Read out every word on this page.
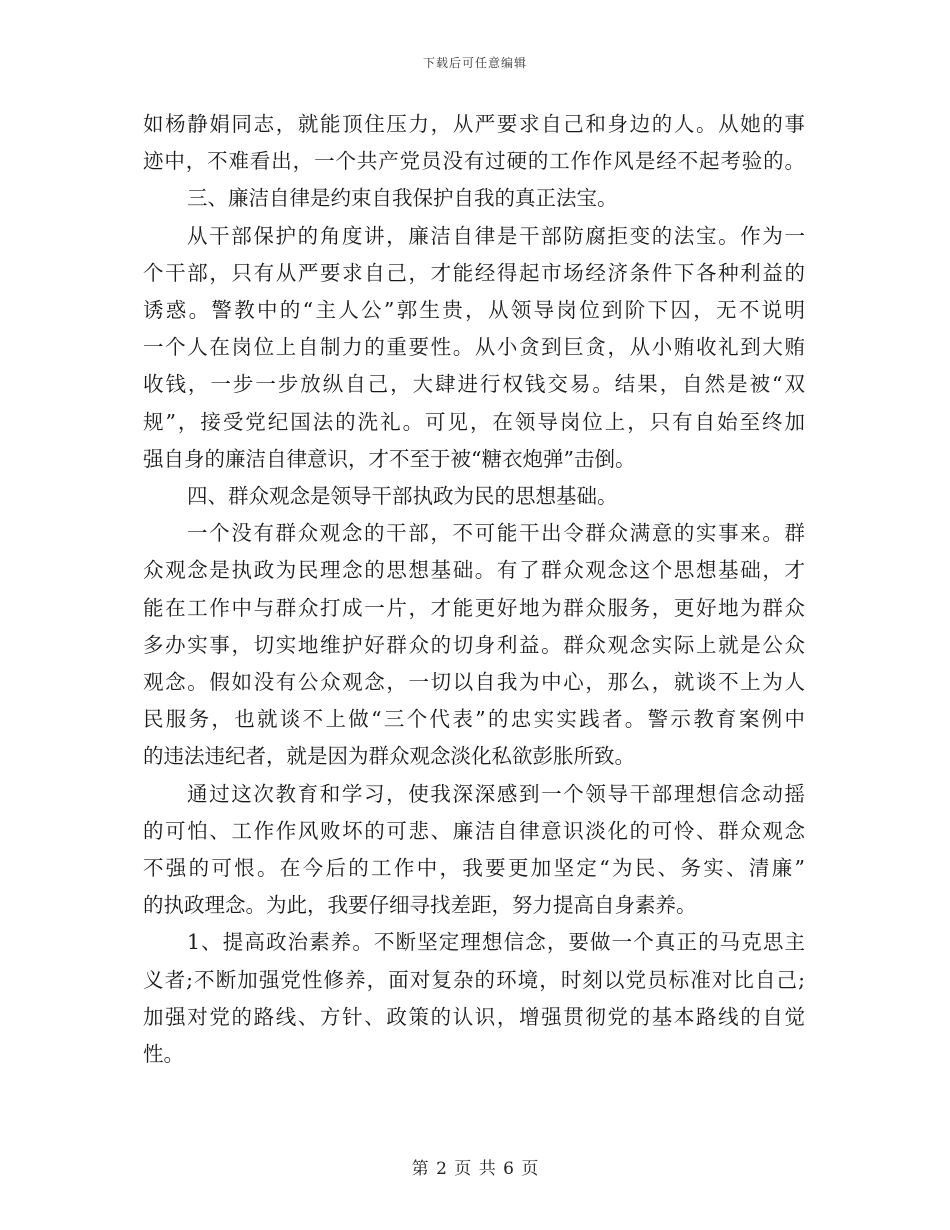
下载后可任意编辑
如杨静娟同志，就能顶住压力，从严要求自己和身边的人。从她的事
迹中，不难看出，一个共产党员没有过硬的工作作风是经不起考验的。
三、廉洁自律是约束自我保护自我的真正法宝。
从干部保护的角度讲，廉洁自律是干部防腐拒变的法宝。作为一
个干部，只有从严要求自己，才能经得起市场经济条件下各种利益的
诱惑。警教中的“主人公”郭生贵，从领导岗位到阶下囚，无不说明
一个人在岗位上自制力的重要性。从小贪到巨贪，从小贿收礼到大贿
收钱，一步一步放纵自己，大肆进行权钱交易。结果，自然是被“双
规”，接受党纪国法的洗礼。可见，在领导岗位上，只有自始至终加
强自身的廉洁自律意识，才不至于被“糖衣炮弹”击倒。
四、群众观念是领导干部执政为民的思想基础。
一个没有群众观念的干部，不可能干出令群众满意的实事来。群
众观念是执政为民理念的思想基础。有了群众观念这个思想基础，才
能在工作中与群众打成一片，才能更好地为群众服务，更好地为群众
多办实事，切实地维护好群众的切身利益。群众观念实际上就是公众
观念。假如没有公众观念，一切以自我为中心，那么，就谈不上为人
民服务，也就谈不上做“三个代表”的忠实实践者。警示教育案例中
的违法违纪者，就是因为群众观念淡化私欲彭胀所致。
通过这次教育和学习，使我深深感到一个领导干部理想信念动摇
的可怕、工作作风败坏的可悲、廉洁自律意识淡化的可怜、群众观念
不强的可恨。在今后的工作中，我要更加坚定“为民、务实、清廉”
的执政理念。为此，我要仔细寻找差距，努力提高自身素养。
1、提高政治素养。不断坚定理想信念，要做一个真正的马克思主
义者;不断加强党性修养，面对复杂的环境，时刻以党员标准对比自己;
加强对党的路线、方针、政策的认识，增强贯彻党的基本路线的自觉
性。
第 2 页 共 6 页
